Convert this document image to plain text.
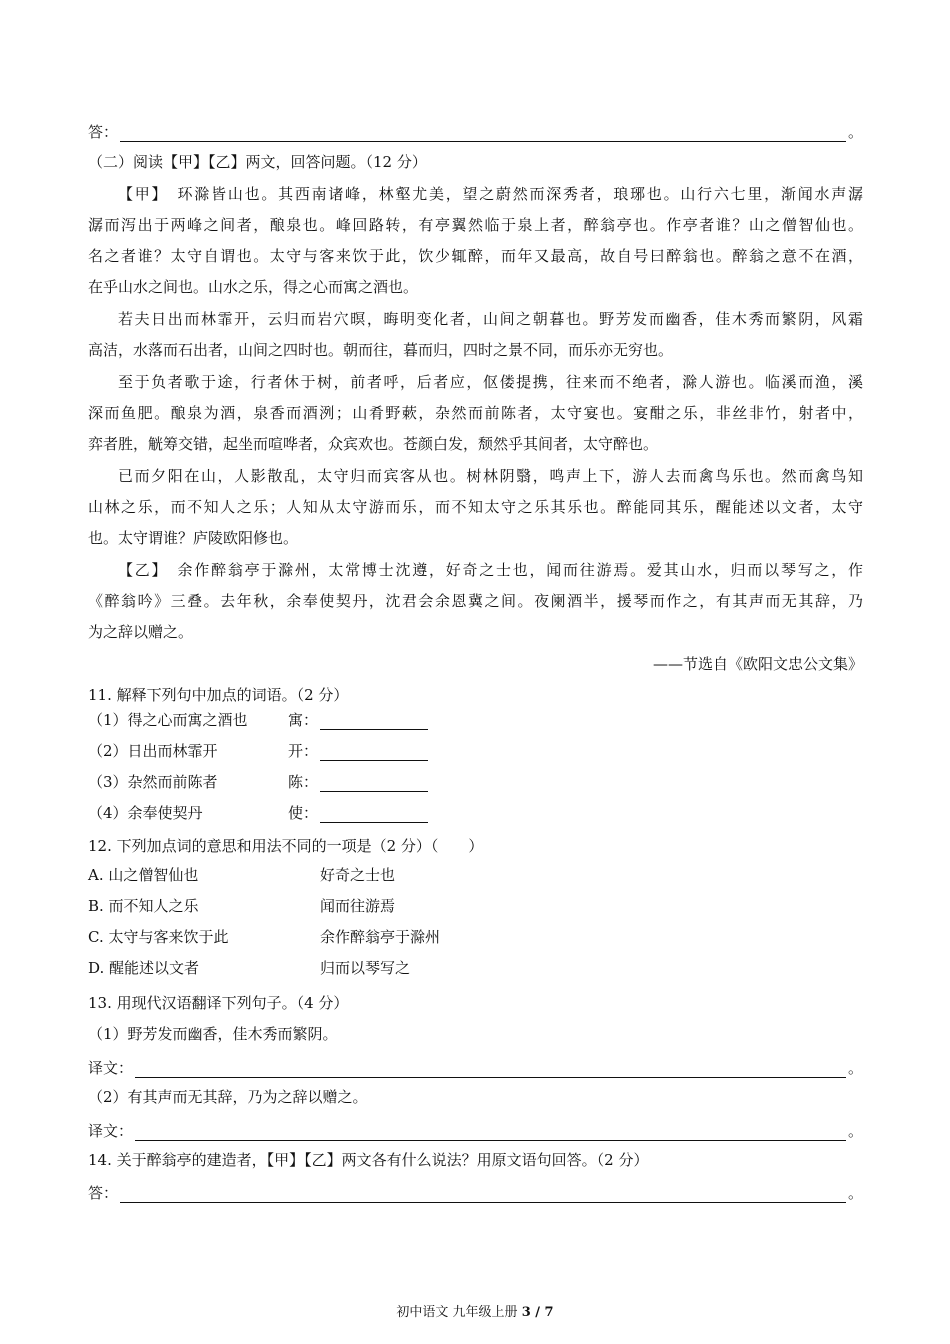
答：	。
（二）阅读【甲】【乙】两文，回答问题。（12 分）
【甲】　环滁皆山也。其西南诸峰，林壑尤美，望之蔚然而深秀者，琅琊也。山行六七里，渐闻水声潺
潺而泻出于两峰之间者，酿泉也。峰回路转，有亭翼然临于泉上者，醉翁亭也。作亭者谁？山之僧智仙也。
名之者谁？太守自谓也。太守与客来饮于此，饮少辄醉，而年又最高，故自号曰醉翁也。醉翁之意不在酒，
在乎山水之间也。山水之乐，得之心而寓之酒也。
若夫日出而林霏开，云归而岩穴暝，晦明变化者，山间之朝暮也。野芳发而幽香，佳木秀而繁阴，风霜
高洁，水落而石出者，山间之四时也。朝而往，暮而归，四时之景不同，而乐亦无穷也。
至于负者歌于途，行者休于树，前者呼，后者应，伛偻提携，往来而不绝者，滁人游也。临溪而渔，溪
深而鱼肥。酿泉为酒，泉香而酒洌；山肴野蔌，杂然而前陈者，太守宴也。宴酣之乐，非丝非竹，射者中，
弈者胜，觥筹交错，起坐而喧哗者，众宾欢也。苍颜白发，颓然乎其间者，太守醉也。
已而夕阳在山，人影散乱，太守归而宾客从也。树林阴翳，鸣声上下，游人去而禽鸟乐也。然而禽鸟知
山林之乐，而不知人之乐；人知从太守游而乐，而不知太守之乐其乐也。醉能同其乐，醒能述以文者，太守
也。太守谓谁？庐陵欧阳修也。
【乙】　余作醉翁亭于滁州，太常博士沈遵，好奇之士也，闻而往游焉。爱其山水，归而以琴写之，作
《醉翁吟》三叠。去年秋，余奉使契丹，沈君会余恩冀之间。夜阑酒半，援琴而作之，有其声而无其辞，乃
为之辞以赠之。
——节选自《欧阳文忠公文集》
11. 解释下列句中加点的词语。（2 分）
（1）得之心而寓之酒也	寓：
（2）日出而林霏开	开：
（3）杂然而前陈者	陈：
（4）余奉使契丹	使：
12. 下列加点词的意思和用法不同的一项是（2 分）（　　）
A. 山之僧智仙也	好奇之士也
B. 而不知人之乐	闻而往游焉
C. 太守与客来饮于此	余作醉翁亭于滁州
D. 醒能述以文者	归而以琴写之
13. 用现代汉语翻译下列句子。（4 分）
（1）野芳发而幽香，佳木秀而繁阴。
译文：	。
（2）有其声而无其辞，乃为之辞以赠之。
译文：	。
14. 关于醉翁亭的建造者，【甲】【乙】两文各有什么说法？用原文语句回答。（2 分）
答：	。
初中语文 九年级上册 3 / 7
